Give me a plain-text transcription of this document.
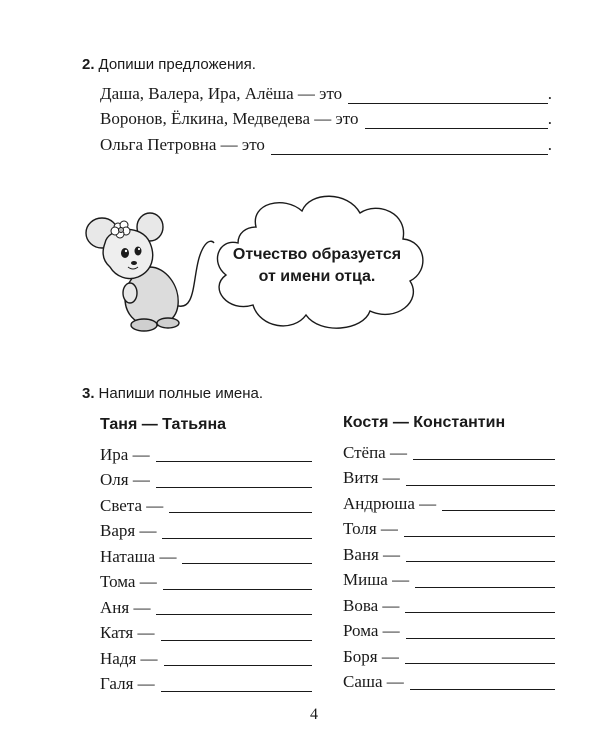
2. Допиши предложения.
Даша, Валера, Ира, Алёша — это	.
Воронов, Ёлкина, Медведева — это	.
Ольга Петровна — это	.
Отчество образуется
от имени отца.
3. Напиши полные имена.
Таня — Татьяна	Костя — Константин
Ира —
Оля —
Света —
Варя —
Наташа —
Тома —
Аня —
Катя —
Надя —
Галя —
Стёпа —
Витя —
Андрюша —
Толя —
Ваня —
Миша —
Вова —
Рома —
Боря —
Саша —
4
